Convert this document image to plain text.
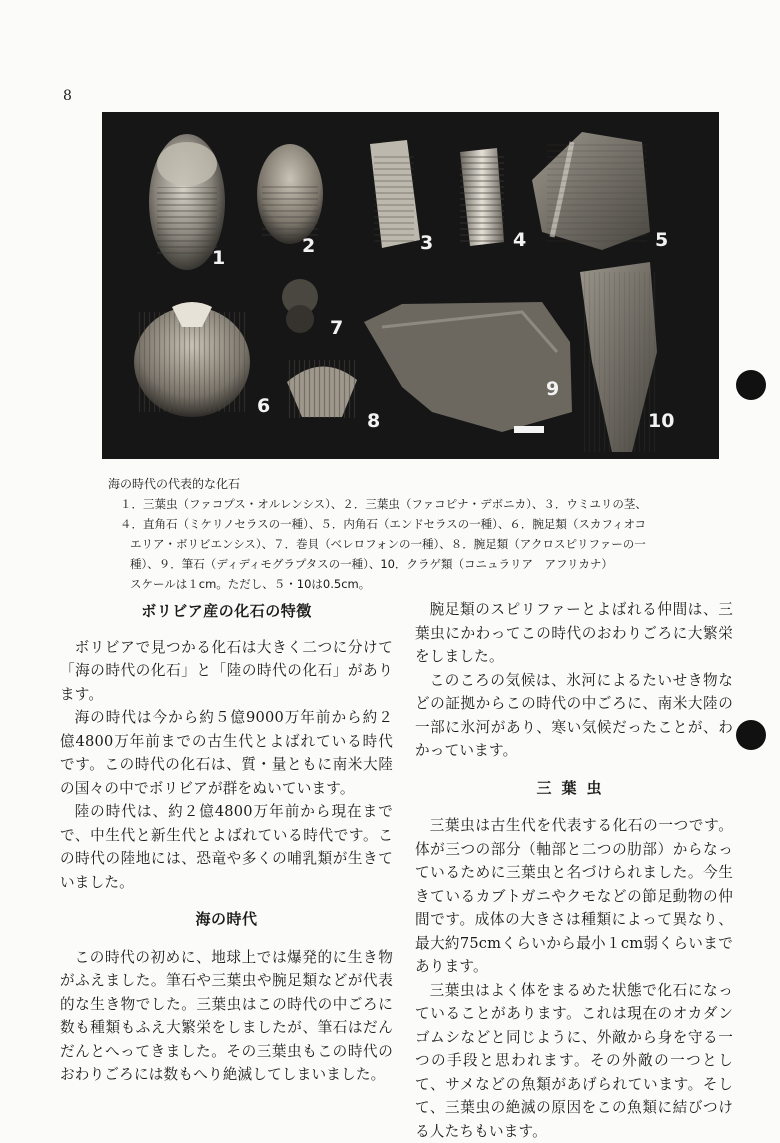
8
1
2	3	4	5
6
7
8
9
10
海の時代の代表的な化石
１．三葉虫（ファコプス・オルレンシス）、２．三葉虫（ファコピナ・デボニカ）、３．ウミユリの茎、
４．直角石（ミケリノセラスの一種）、５．内角石（エンドセラスの一種）、６．腕足類（スカフィオコ
エリア・ボリビエンシス）、７．巻貝（ベレロフォンの一種）、８．腕足類（アクロスピリファーの一
種）、９．筆石（ディディモグラプタスの一種）、10．クラゲ類（コニュラリア　アフリカナ）
スケールは１cm。ただし、５・10は0.5cm。
ボリビア産の化石の特徴

ボリビアで見つかる化石は大きく二つに分けて「海の時代の化石」と「陸の時代の化石」があります。

海の時代は今から約５億9000万年前から約２億4800万年前までの古生代とよばれている時代です。この時代の化石は、質・量ともに南米大陸の国々の中でボリビアが群をぬいています。

陸の時代は、約２億4800万年前から現在までで、中生代と新生代とよばれている時代です。この時代の陸地には、恐竜や多くの哺乳類が生きていました。

海の時代

この時代の初めに、地球上では爆発的に生き物がふえました。筆石や三葉虫や腕足類などが代表的な生き物でした。三葉虫はこの時代の中ごろに数も種類もふえ大繁栄をしましたが、筆石はだんだんとへってきました。その三葉虫もこの時代のおわりごろには数もへり絶滅してしまいました。

腕足類のスピリファーとよばれる仲間は、三葉虫にかわってこの時代のおわりごろに大繁栄をしました。

このころの気候は、氷河によるたいせき物などの証拠からこの時代の中ごろに、南米大陸の一部に氷河があり、寒い気候だったことが、わかっています。

三葉虫

三葉虫は古生代を代表する化石の一つです。体が三つの部分（軸部と二つの肋部）からなっているために三葉虫と名づけられました。今生きているカブトガニやクモなどの節足動物の仲間です。成体の大きさは種類によって異なり、最大約75cmくらいから最小１cm弱くらいまであります。

三葉虫はよく体をまるめた状態で化石になっていることがあります。これは現在のオカダンゴムシなどと同じように、外敵から身を守る一つの手段と思われます。その外敵の一つとして、サメなどの魚類があげられています。そして、三葉虫の絶滅の原因をこの魚類に結びつける人たちもいます。
